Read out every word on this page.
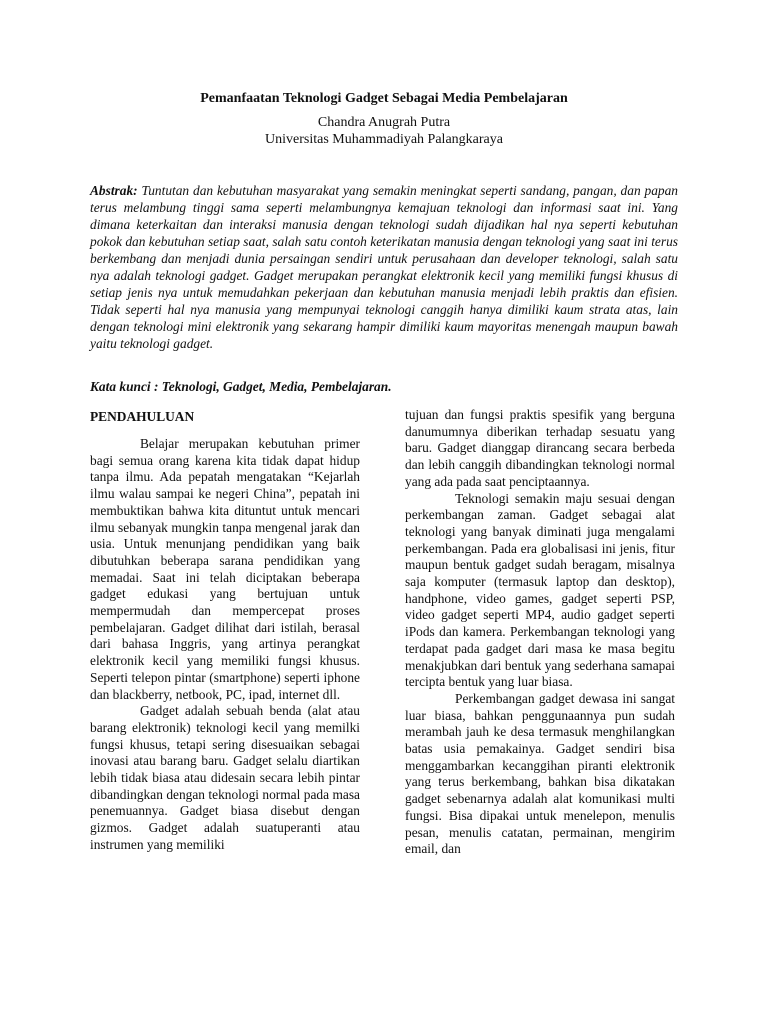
Pemanfaatan Teknologi Gadget Sebagai Media Pembelajaran
Chandra Anugrah Putra
Universitas Muhammadiyah Palangkaraya
Abstrak: Tuntutan dan kebutuhan masyarakat yang semakin meningkat seperti sandang, pangan, dan papan terus melambung tinggi sama seperti melambungnya kemajuan teknologi dan informasi saat ini. Yang dimana keterkaitan dan interaksi manusia dengan teknologi sudah dijadikan hal nya seperti kebutuhan pokok dan kebutuhan setiap saat, salah satu contoh keterikatan manusia dengan teknologi yang saat ini terus berkembang dan menjadi dunia persaingan sendiri untuk perusahaan dan developer teknologi, salah satu nya adalah teknologi gadget. Gadget merupakan perangkat elektronik kecil yang memiliki fungsi khusus di setiap jenis nya untuk memudahkan pekerjaan dan kebutuhan manusia menjadi lebih praktis dan efisien. Tidak seperti hal nya manusia yang mempunyai teknologi canggih hanya dimiliki kaum strata atas, lain dengan teknologi mini elektronik yang sekarang hampir dimiliki kaum mayoritas menengah maupun bawah yaitu teknologi gadget.
Kata kunci : Teknologi, Gadget, Media, Pembelajaran.
PENDAHULUAN

Belajar merupakan kebutuhan primer bagi semua orang karena kita tidak dapat hidup tanpa ilmu. Ada pepatah mengatakan “Kejarlah ilmu walau sampai ke negeri China”, pepatah ini membuktikan bahwa kita dituntut untuk mencari ilmu sebanyak mungkin tanpa mengenal jarak dan usia. Untuk menunjang pendidikan yang baik dibutuhkan beberapa sarana pendidikan yang memadai. Saat ini telah diciptakan beberapa gadget edukasi yang bertujuan untuk mempermudah dan mempercepat proses pembelajaran. Gadget dilihat dari istilah, berasal dari bahasa Inggris, yang artinya perangkat elektronik kecil yang memiliki fungsi khusus. Seperti telepon pintar (smartphone) seperti iphone dan blackberry, netbook, PC, ipad, internet dll.

Gadget adalah sebuah benda (alat atau barang elektronik) teknologi kecil yang memilki fungsi khusus, tetapi sering disesuaikan sebagai inovasi atau barang baru. Gadget selalu diartikan lebih tidak biasa atau didesain secara lebih pintar dibandingkan dengan teknologi normal pada masa penemuannya. Gadget biasa disebut dengan gizmos. Gadget adalah suatuperanti atau instrumen yang memiliki

tujuan dan fungsi praktis spesifik yang berguna danumumnya diberikan terhadap sesuatu yang baru. Gadget dianggap dirancang secara berbeda dan lebih canggih dibandingkan teknologi normal yang ada pada saat penciptaannya.

Teknologi semakin maju sesuai dengan perkembangan zaman. Gadget sebagai alat teknologi yang banyak diminati juga mengalami perkembangan. Pada era globalisasi ini jenis, fitur maupun bentuk gadget sudah beragam, misalnya saja komputer (termasuk laptop dan desktop), handphone, video games, gadget seperti PSP, video gadget seperti MP4, audio gadget seperti iPods dan kamera. Perkembangan teknologi yang terdapat pada gadget dari masa ke masa begitu menakjubkan dari bentuk yang sederhana samapai tercipta bentuk yang luar biasa.

Perkembangan gadget dewasa ini sangat luar biasa, bahkan penggunaannya pun sudah merambah jauh ke desa termasuk menghilangkan batas usia pemakainya. Gadget sendiri bisa menggambarkan kecanggihan piranti elektronik yang terus berkembang, bahkan bisa dikatakan gadget sebenarnya adalah alat komunikasi multi fungsi. Bisa dipakai untuk menelepon, menulis pesan, menulis catatan, permainan, mengirim email, dan
